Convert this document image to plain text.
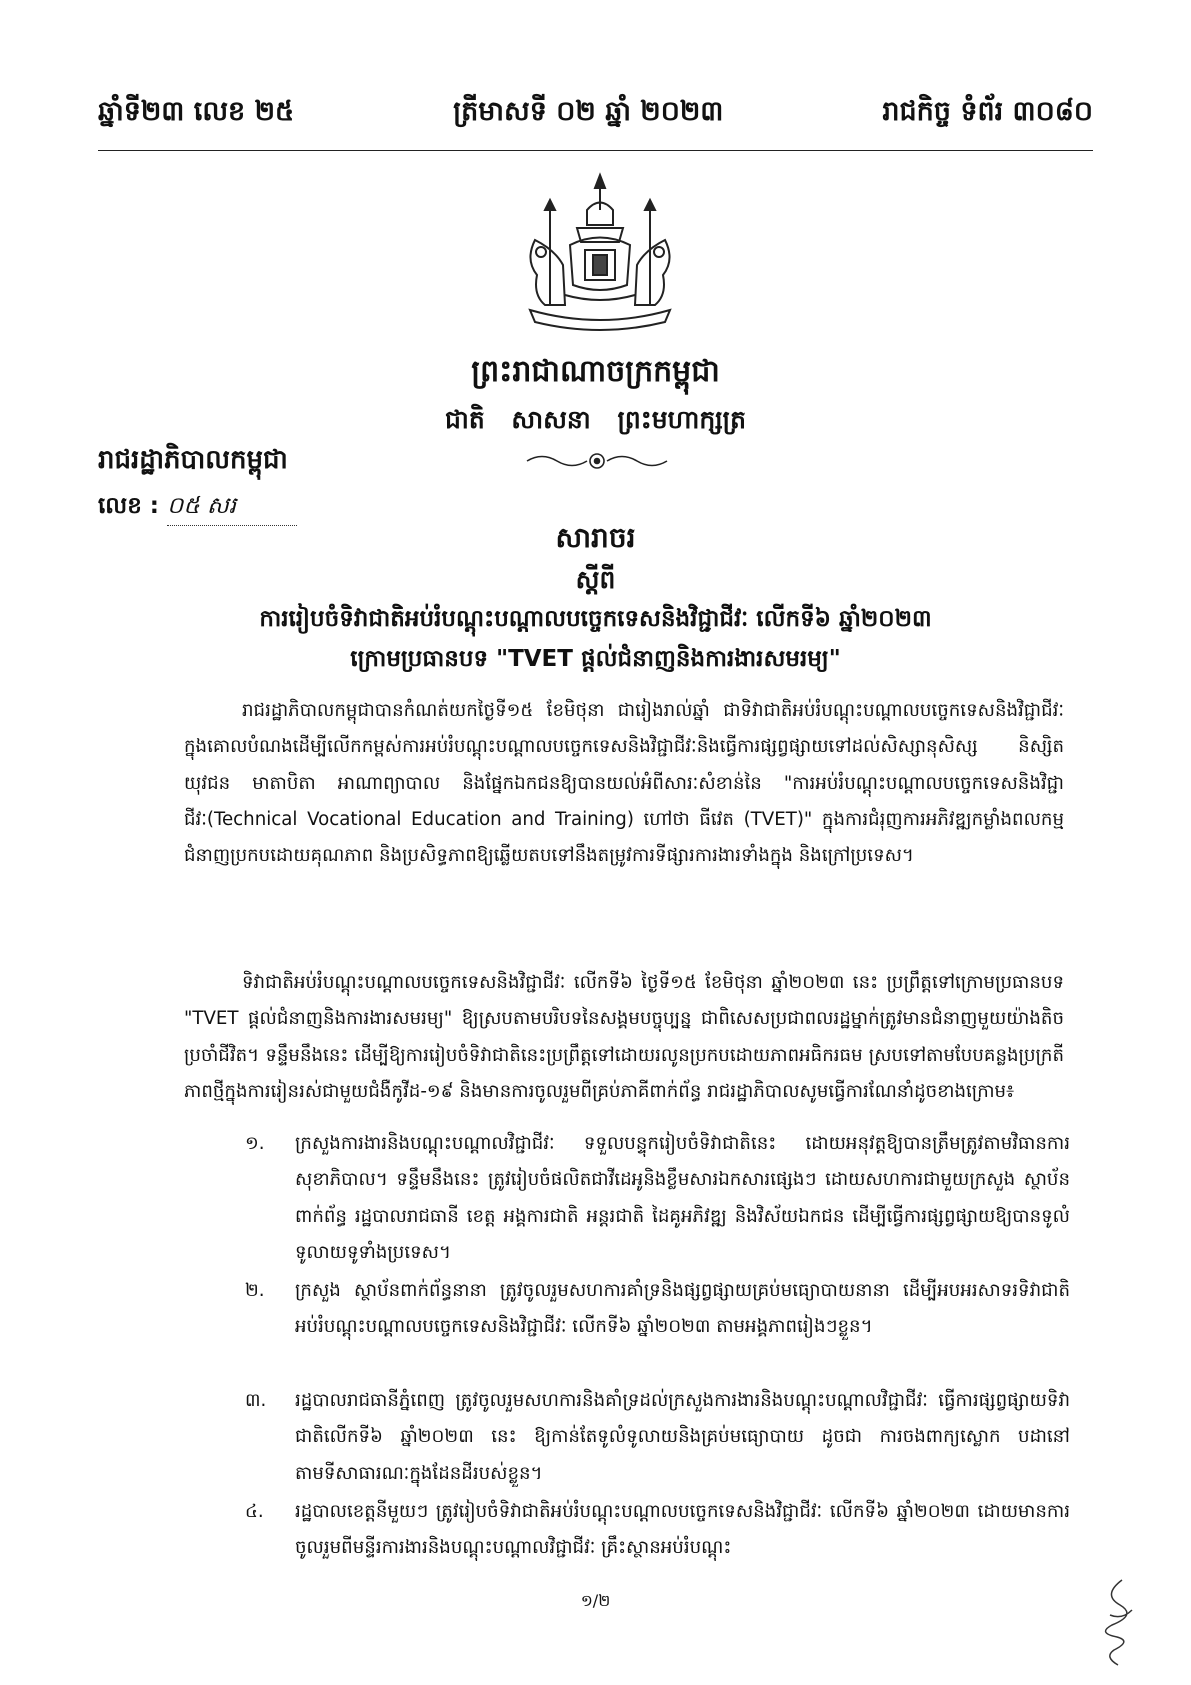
ឆ្នាំទី២៣ លេខ ២៥	ត្រីមាសទី ០២ ឆ្នាំ ២០២៣	រាជកិច្ច ទំព័រ ៣០៨០
ព្រះរាជាណាចក្រកម្ពុជា
ជាតិ សាសនា ព្រះមហាក្សត្រ
រាជរដ្ឋាភិបាលកម្ពុជា
លេខ : ០៥ សរ
សារាចរ
ស្តីពី
ការរៀបចំទិវាជាតិអប់រំបណ្តុះបណ្តាលបច្ចេកទេសនិងវិជ្ជាជីវៈ លើកទី៦ ឆ្នាំ២០២៣
ក្រោមប្រធានបទ "TVET ផ្តល់ជំនាញនិងការងារសមរម្យ"

រាជរដ្ឋាភិបាលកម្ពុជាបានកំណត់យកថ្ងៃទី១៥ ខែមិថុនា ជារៀងរាល់ឆ្នាំ ជាទិវាជាតិអប់រំបណ្តុះបណ្តាលបច្ចេកទេសនិងវិជ្ជាជីវៈ ក្នុងគោលបំណងដើម្បីលើកកម្ពស់ការអប់រំបណ្តុះបណ្តាលបច្ចេកទេសនិងវិជ្ជាជីវៈនិងធ្វើការផ្សព្វផ្សាយទៅដល់សិស្សានុសិស្ស និស្សិត យុវជន មាតាបិតា អាណាព្យាបាល និងផ្នែកឯកជនឱ្យបានយល់អំពីសារៈសំខាន់នៃ "ការអប់រំបណ្តុះបណ្តាលបច្ចេកទេសនិងវិជ្ជាជីវៈ(Technical Vocational Education and Training) ហៅថា ធីវេត (TVET)" ក្នុងការជំរុញការអភិវឌ្ឍកម្លាំងពលកម្មជំនាញប្រកបដោយគុណភាព និងប្រសិទ្ធភាពឱ្យឆ្លើយតបទៅនឹងតម្រូវការទីផ្សារការងារទាំងក្នុង និងក្រៅប្រទេស។

ទិវាជាតិអប់រំបណ្តុះបណ្តាលបច្ចេកទេសនិងវិជ្ជាជីវៈ លើកទី៦ ថ្ងៃទី១៥ ខែមិថុនា ឆ្នាំ២០២៣ នេះ ប្រព្រឹត្តទៅក្រោមប្រធានបទ "TVET ផ្តល់ជំនាញនិងការងារសមរម្យ" ឱ្យស្របតាមបរិបទនៃសង្គមបច្ចុប្បន្ន ជាពិសេសប្រជាពលរដ្ឋម្នាក់ត្រូវមានជំនាញមួយយ៉ាងតិចប្រចាំជីវិត។ ទន្ទឹមនឹងនេះ ដើម្បីឱ្យការរៀបចំទិវាជាតិនេះប្រព្រឹត្តទៅដោយរលូនប្រកបដោយភាពអធិករធម ស្របទៅតាមបែបគន្លងប្រក្រតីភាពថ្មីក្នុងការរៀនរស់ជាមួយជំងឺកូវីដ-១៩ និងមានការចូលរួមពីគ្រប់ភាគីពាក់ព័ន្ធ រាជរដ្ឋាភិបាលសូមធ្វើការណែនាំដូចខាងក្រោម៖

១.	ក្រសួងការងារនិងបណ្តុះបណ្តាលវិជ្ជាជីវៈ ទទួលបន្ទុករៀបចំទិវាជាតិនេះ ដោយអនុវត្តឱ្យបានត្រឹមត្រូវតាមវិធានការសុខាភិបាល។ ទន្ទឹមនឹងនេះ ត្រូវរៀបចំផលិតជាវីដេអូនិងខ្លឹមសារឯកសារផ្សេងៗ ដោយសហការជាមួយក្រសួង ស្ថាប័នពាក់ព័ន្ធ រដ្ឋបាលរាជធានី ខេត្ត អង្គការជាតិ អន្តរជាតិ ដៃគូអភិវឌ្ឍ និងវិស័យឯកជន ដើម្បីធ្វើការផ្សព្វផ្សាយឱ្យបានទូលំទូលាយទូទាំងប្រទេស។
២.	ក្រសួង ស្ថាប័នពាក់ព័ន្ធនានា ត្រូវចូលរួមសហការគាំទ្រនិងផ្សព្វផ្សាយគ្រប់មធ្យោបាយនានា ដើម្បីអបអរសាទរទិវាជាតិអប់រំបណ្តុះបណ្តាលបច្ចេកទេសនិងវិជ្ជាជីវៈ លើកទី៦ ឆ្នាំ២០២៣ តាមអង្គភាពរៀងៗខ្លួន។
៣.	រដ្ឋបាលរាជធានីភ្នំពេញ ត្រូវចូលរួមសហការនិងគាំទ្រដល់ក្រសួងការងារនិងបណ្តុះបណ្តាលវិជ្ជាជីវៈ ធ្វើការផ្សព្វផ្សាយទិវាជាតិលើកទី៦ ឆ្នាំ២០២៣ នេះ ឱ្យកាន់តែទូលំទូលាយនិងគ្រប់មធ្យោបាយ ដូចជា ការចងពាក្យស្លោក បដានៅតាមទីសាធារណៈក្នុងដែនដីរបស់ខ្លួន។
៤.	រដ្ឋបាលខេត្តនីមួយៗ ត្រូវរៀបចំទិវាជាតិអប់រំបណ្តុះបណ្តាលបច្ចេកទេសនិងវិជ្ជាជីវៈ លើកទី៦ ឆ្នាំ២០២៣ ដោយមានការចូលរួមពីមន្ទីរការងារនិងបណ្តុះបណ្តាលវិជ្ជាជីវៈ គ្រឹះស្ថានអប់រំបណ្តុះ
១/២
